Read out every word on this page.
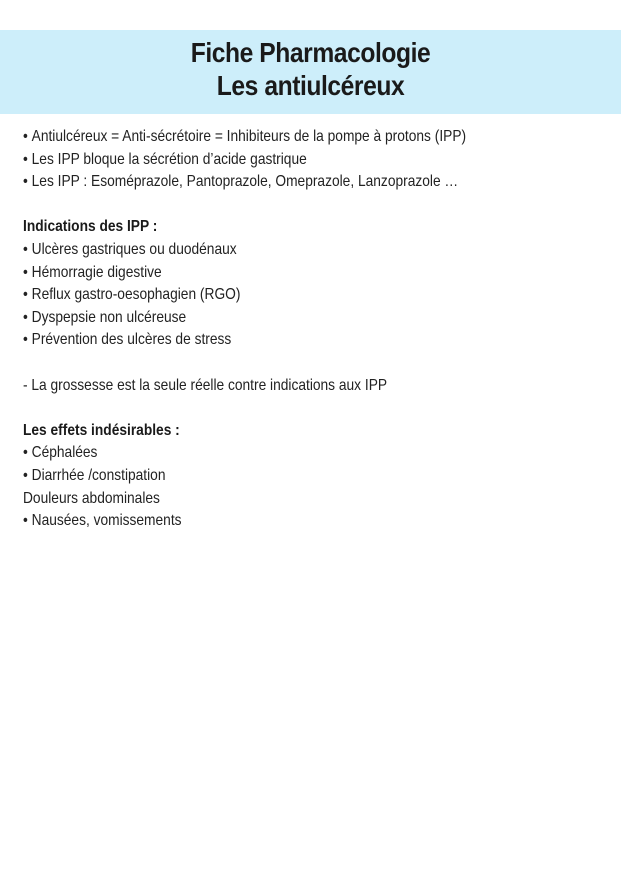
Fiche Pharmacologie
Les antiulcéreux
• Antiulcéreux = Anti-sécrétoire = Inhibiteurs de la pompe à protons (IPP)
• Les IPP bloque la sécrétion d’acide gastrique
• Les IPP : Esoméprazole, Pantoprazole, Omeprazole, Lanzoprazole …
Indications des IPP :
• Ulcères gastriques ou duodénaux
• Hémorragie digestive
• Reflux gastro-oesophagien (RGO)
• Dyspepsie non ulcéreuse
• Prévention des ulcères de stress
- La grossesse est la seule réelle contre indications aux IPP
Les effets indésirables :
• Céphalées
• Diarrhée /constipation
Douleurs abdominales
• Nausées, vomissements
